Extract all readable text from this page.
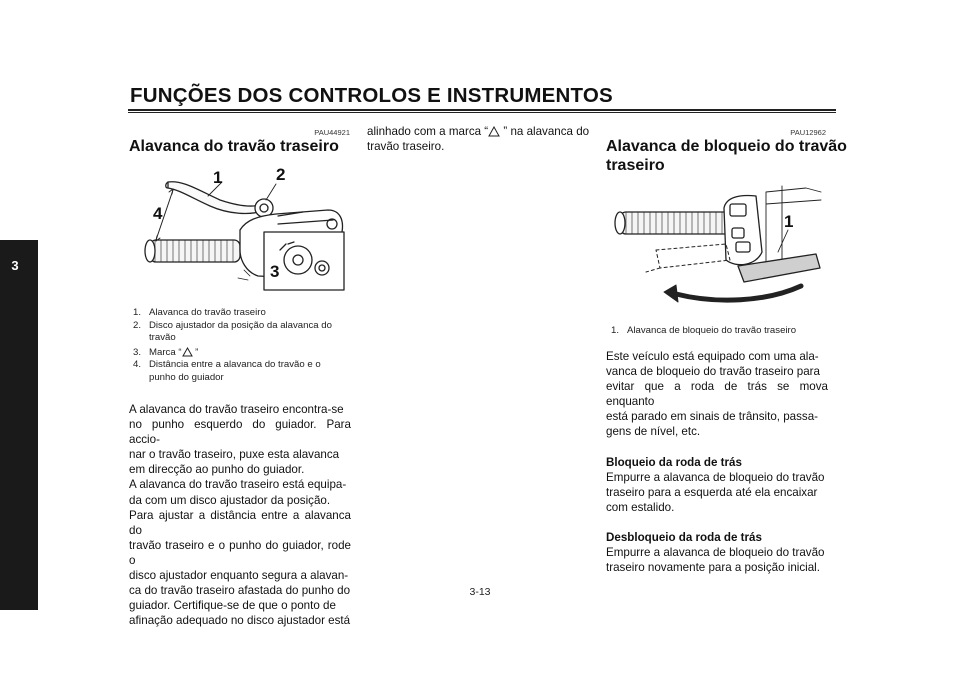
FUNÇÕES DOS CONTROLOS E INSTRUMENTOS
3
PAU44921
Alavanca do travão traseiro
1	2
3
4
1. Alavanca do travão traseiro
2. Disco ajustador da posição da alavanca do
travão
3. Marca “ ”
4. Distância entre a alavanca do travão e o
punho do guiador

A alavanca do travão traseiro encontra-se

no punho esquerdo do guiador. Para accio-

nar o travão traseiro, puxe esta alavanca

em direcção ao punho do guiador.

A alavanca do travão traseiro está equipa-

da com um disco ajustador da posição.

Para ajustar a distância entre a alavanca do

travão traseiro e o punho do guiador, rode o

disco ajustador enquanto segura a alavan-

ca do travão traseiro afastada do punho do

guiador. Certifique-se de que o ponto de

afinação adequado no disco ajustador está

alinhado com a marca “ ” na alavanca do

travão traseiro.

PAU12962
Alavanca de bloqueio do travão
traseiro
1
1. Alavanca de bloqueio do travão traseiro

Este veículo está equipado com uma ala-

vanca de bloqueio do travão traseiro para

evitar que a roda de trás se mova enquanto

está parado em sinais de trânsito, passa-

gens de nível, etc.

Bloqueio da roda de trás

Empurre a alavanca de bloqueio do travão

traseiro para a esquerda até ela encaixar

com estalido.

Desbloqueio da roda de trás

Empurre a alavanca de bloqueio do travão

traseiro novamente para a posição inicial.

3-13
